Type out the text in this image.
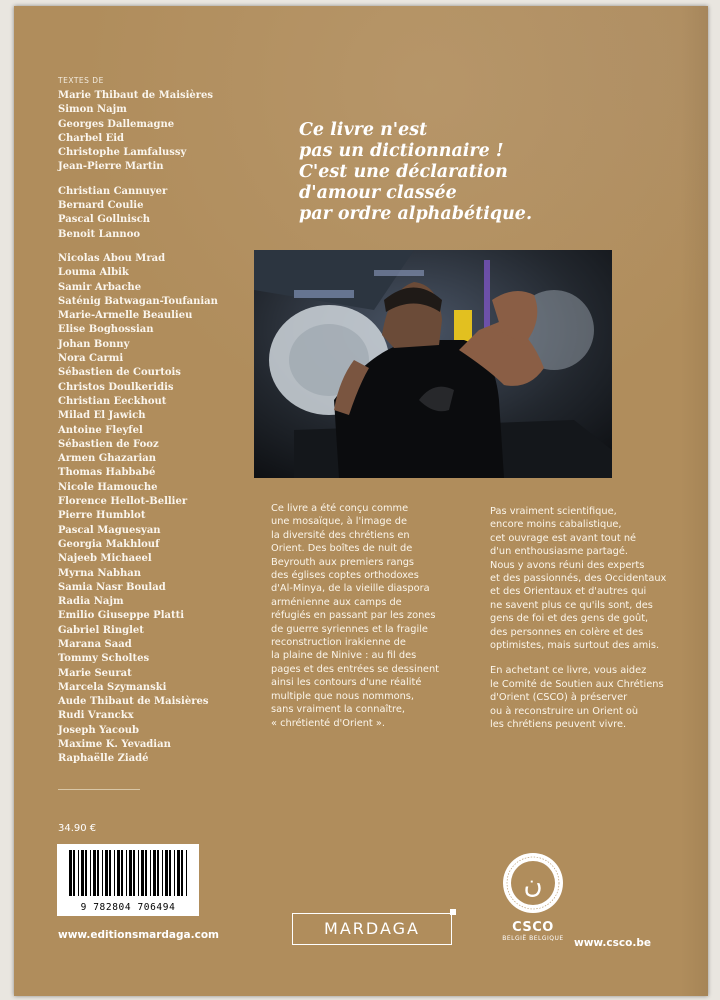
TEXTES DE
Marie Thibaut de Maisières
Simon Najm
Georges Dallemagne
Charbel Eid
Christophe Lamfalussy
Jean-Pierre Martin
Christian Cannuyer
Bernard Coulie
Pascal Gollnisch
Benoit Lannoo
Nicolas Abou Mrad
Louma Albik
Samir Arbache
Saténig Batwagan-Toufanian
Marie-Armelle Beaulieu
Elise Boghossian
Johan Bonny
Nora Carmi
Sébastien de Courtois
Christos Doulkeridis
Christian Eeckhout
Milad El Jawich
Antoine Fleyfel
Sébastien de Fooz
Armen Ghazarian
Thomas Habbabé
Nicole Hamouche
Florence Hellot-Bellier
Pierre Humblot
Pascal Maguesyan
Georgia Makhlouf
Najeeb Michaeel
Myrna Nabhan
Samia Nasr Boulad
Radia Najm
Emilio Giuseppe Platti
Gabriel Ringlet
Marana Saad
Tommy Scholtes
Marie Seurat
Marcela Szymanski
Aude Thibaut de Maisières
Rudi Vranckx
Joseph Yacoub
Maxime K. Yevadian
Raphaëlle Ziadé
Ce livre n'est
pas un dictionnaire !
C'est une déclaration
d'amour classée
par ordre alphabétique.
Ce livre a été conçu comme
une mosaïque, à l'image de
la diversité des chrétiens en
Orient. Des boîtes de nuit de
Beyrouth aux premiers rangs
des églises coptes orthodoxes
d'Al-Minya, de la vieille diaspora
arménienne aux camps de
réfugiés en passant par les zones
de guerre syriennes et la fragile
reconstruction irakienne de
la plaine de Ninive : au fil des
pages et des entrées se dessinent
ainsi les contours d'une réalité
multiple que nous nommons,
sans vraiment la connaître,
« chrétienté d'Orient ».

Pas vraiment scientifique,
encore moins cabalistique,
cet ouvrage est avant tout né
d'un enthousiasme partagé.
Nous y avons réuni des experts
et des passionnés, des Occidentaux
et des Orientaux et d'autres qui
ne savent plus ce qu'ils sont, des
gens de foi et des gens de goût,
des personnes en colère et des
optimistes, mais surtout des amis.

En achetant ce livre, vous aidez
le Comité de Soutien aux Chrétiens
d'Orient (CSCO) à préserver
ou à reconstruire un Orient où
les chrétiens peuvent vivre.

34.90 €
9 782804 706494
www.editionsmardaga.com	MARDAGA
ن
CSCO
BELGIË BELGIQUE www.csco.be
